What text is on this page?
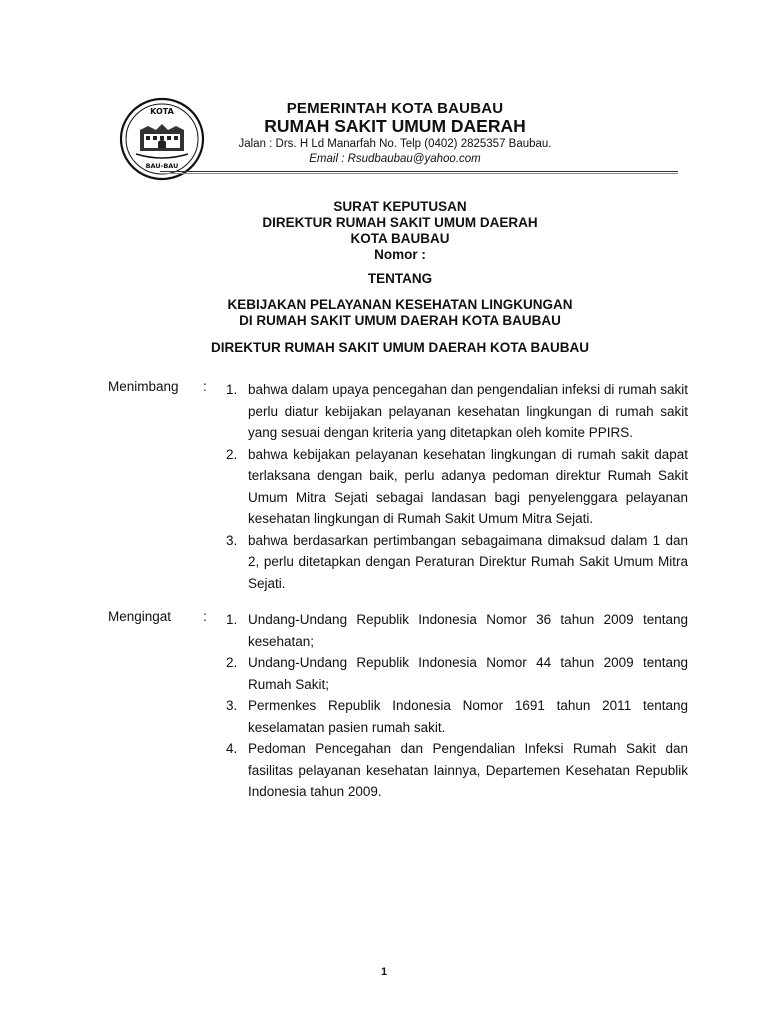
KOTA
BAU-BAU
PEMERINTAH KOTA BAUBAU
RUMAH SAKIT UMUM DAERAH
Jalan : Drs. H Ld Manarfah No. Telp (0402) 2825357 Baubau.
Email : Rsudbaubau@yahoo.com
SURAT KEPUTUSAN
DIREKTUR RUMAH SAKIT UMUM DAERAH
KOTA BAUBAU
Nomor :
TENTANG
KEBIJAKAN PELAYANAN KESEHATAN LINGKUNGAN
DI RUMAH SAKIT UMUM DAERAH KOTA BAUBAU
DIREKTUR RUMAH SAKIT UMUM DAERAH KOTA BAUBAU
Menimbang : 1. bahwa dalam upaya pencegahan dan pengendalian infeksi di rumah sakit perlu diatur kebijakan pelayanan kesehatan lingkungan di rumah sakit yang sesuai dengan kriteria yang ditetapkan oleh komite PPIRS.
2. bahwa kebijakan pelayanan kesehatan lingkungan di rumah sakit dapat terlaksana dengan baik, perlu adanya pedoman direktur Rumah Sakit Umum Mitra Sejati sebagai landasan bagi penyelenggara pelayanan kesehatan lingkungan di Rumah Sakit Umum Mitra Sejati.
3. bahwa berdasarkan pertimbangan sebagaimana dimaksud dalam 1 dan 2, perlu ditetapkan dengan Peraturan Direktur Rumah Sakit Umum Mitra Sejati.
Mengingat : 1. Undang-Undang Republik Indonesia Nomor 36 tahun 2009 tentang kesehatan;
2. Undang-Undang Republik Indonesia Nomor 44 tahun 2009 tentang Rumah Sakit;
3. Permenkes Republik Indonesia Nomor 1691 tahun 2011 tentang keselamatan pasien rumah sakit.
4. Pedoman Pencegahan dan Pengendalian Infeksi Rumah Sakit dan fasilitas pelayanan kesehatan lainnya, Departemen Kesehatan Republik Indonesia tahun 2009.
1
